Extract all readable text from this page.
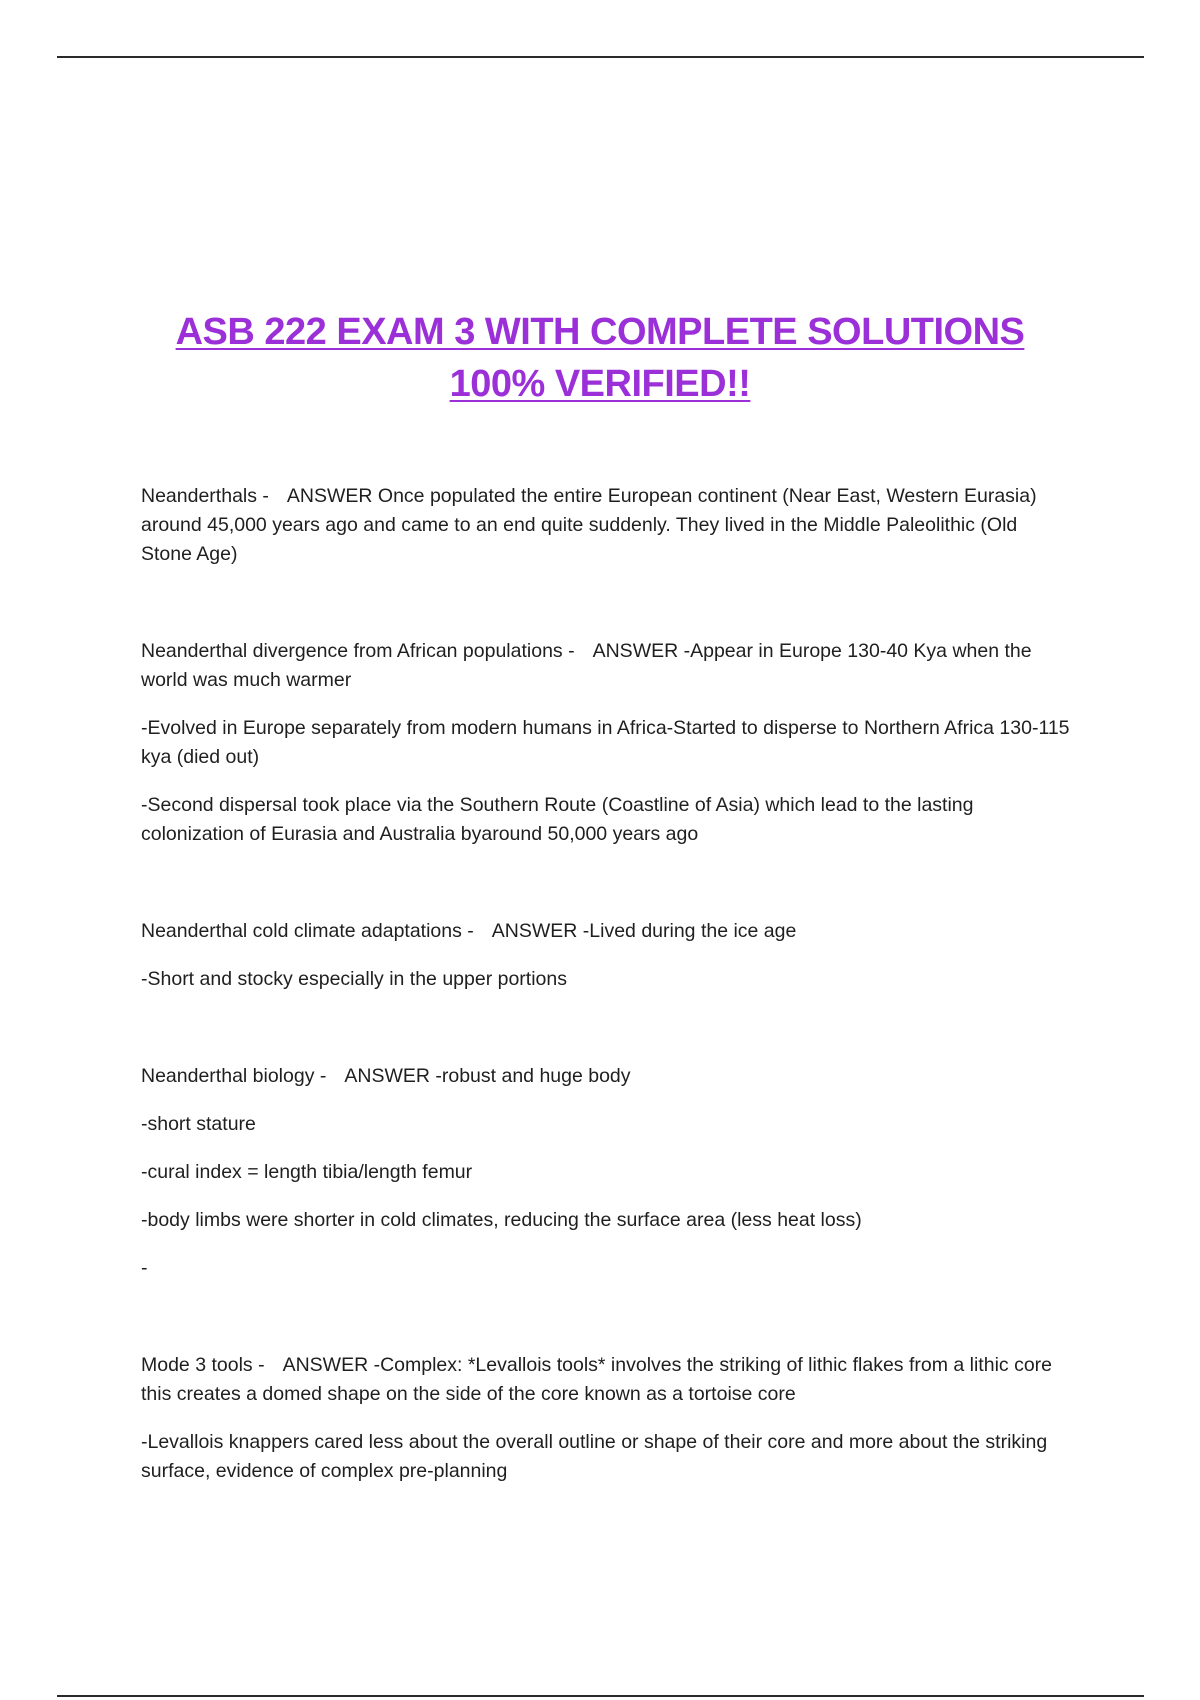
ASB 222 EXAM 3 WITH COMPLETE SOLUTIONS
100% VERIFIED!!

Neanderthals - ANSWER Once populated the entire European continent (Near East, Western Eurasia) around 45,000 years ago and came to an end quite suddenly. They lived in the Middle Paleolithic (Old Stone Age)

Neanderthal divergence from African populations - ANSWER -Appear in Europe 130-40 Kya when the world was much warmer

-Evolved in Europe separately from modern humans in Africa-Started to disperse to Northern Africa 130-115 kya (died out)

-Second dispersal took place via the Southern Route (Coastline of Asia) which lead to the lasting colonization of Eurasia and Australia byaround 50,000 years ago

Neanderthal cold climate adaptations - ANSWER -Lived during the ice age

-Short and stocky especially in the upper portions

Neanderthal biology - ANSWER -robust and huge body

-short stature

-cural index = length tibia/length femur

-body limbs were shorter in cold climates, reducing the surface area (less heat loss)

-

Mode 3 tools - ANSWER -Complex: *Levallois tools* involves the striking of lithic flakes from a lithic core this creates a domed shape on the side of the core known as a tortoise core

-Levallois knappers cared less about the overall outline or shape of their core and more about the striking surface, evidence of complex pre-planning
